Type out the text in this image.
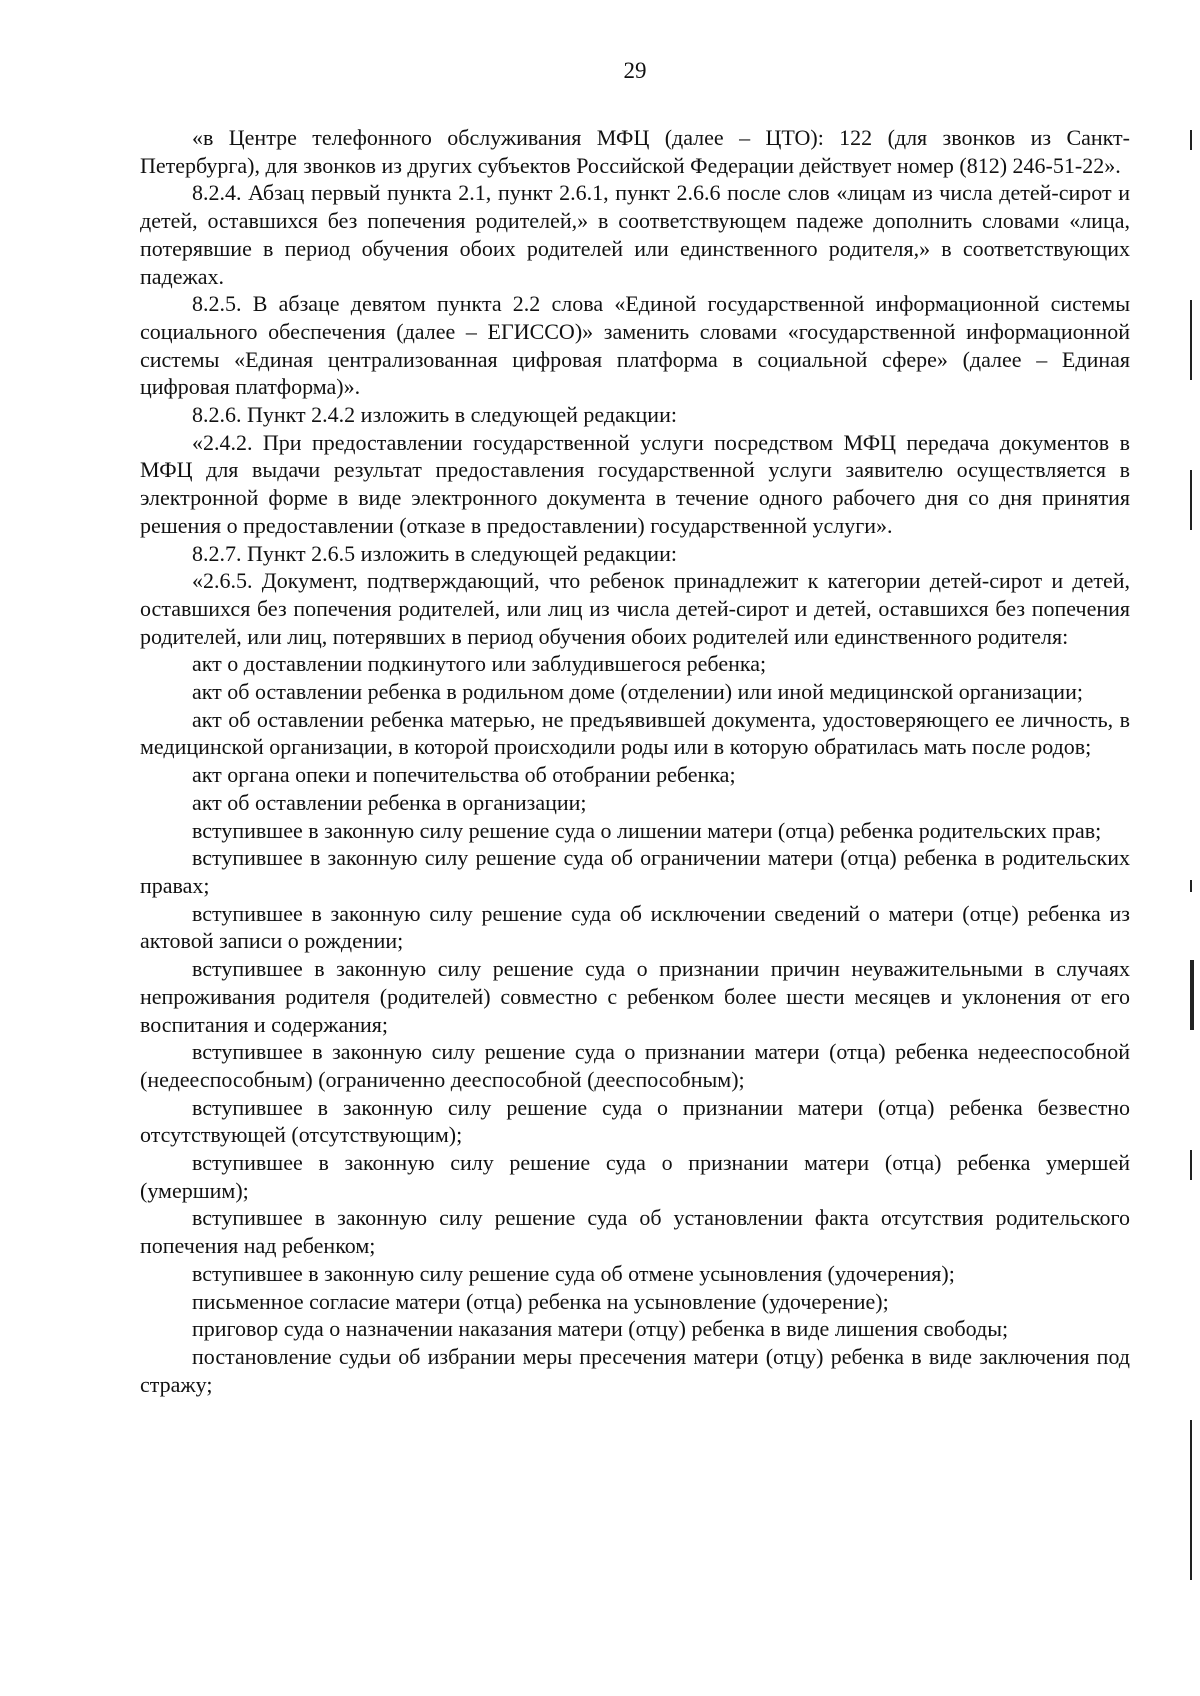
29

«в Центре телефонного обслуживания МФЦ (далее – ЦТО): 122 (для звонков из Санкт-Петербурга), для звонков из других субъектов Российской Федерации действует номер (812) 246-51-22».

8.2.4. Абзац первый пункта 2.1, пункт 2.6.1, пункт 2.6.6 после слов «лицам из числа детей-сирот и детей, оставшихся без попечения родителей,» в соответствующем падеже дополнить словами «лица, потерявшие в период обучения обоих родителей или единственного родителя,» в соответствующих падежах.

8.2.5. В абзаце девятом пункта 2.2 слова «Единой государственной информационной системы социального обеспечения (далее – ЕГИССО)» заменить словами «государственной информационной системы «Единая централизованная цифровая платформа в социальной сфере» (далее – Единая цифровая платформа)».

8.2.6. Пункт 2.4.2 изложить в следующей редакции:

«2.4.2. При предоставлении государственной услуги посредством МФЦ передача документов в МФЦ для выдачи результат предоставления государственной услуги заявителю осуществляется в электронной форме в виде электронного документа в течение одного рабочего дня со дня принятия решения о предоставлении (отказе в предоставлении) государственной услуги».

8.2.7. Пункт 2.6.5 изложить в следующей редакции:

«2.6.5. Документ, подтверждающий, что ребенок принадлежит к категории детей-сирот и детей, оставшихся без попечения родителей, или лиц из числа детей-сирот и детей, оставшихся без попечения родителей, или лиц, потерявших в период обучения обоих родителей или единственного родителя:

акт о доставлении подкинутого или заблудившегося ребенка;

акт об оставлении ребенка в родильном доме (отделении) или иной медицинской организации;

акт об оставлении ребенка матерью, не предъявившей документа, удостоверяющего ее личность, в медицинской организации, в которой происходили роды или в которую обратилась мать после родов;

акт органа опеки и попечительства об отобрании ребенка;

акт об оставлении ребенка в организации;

вступившее в законную силу решение суда о лишении матери (отца) ребенка родительских прав;

вступившее в законную силу решение суда об ограничении матери (отца) ребенка в родительских правах;

вступившее в законную силу решение суда об исключении сведений о матери (отце) ребенка из актовой записи о рождении;

вступившее в законную силу решение суда о признании причин неуважительными в случаях непроживания родителя (родителей) совместно с ребенком более шести месяцев и уклонения от его воспитания и содержания;

вступившее в законную силу решение суда о признании матери (отца) ребенка недееспособной (недееспособным) (ограниченно дееспособной (дееспособным);

вступившее в законную силу решение суда о признании матери (отца) ребенка безвестно отсутствующей (отсутствующим);

вступившее в законную силу решение суда о признании матери (отца) ребенка умершей (умершим);

вступившее в законную силу решение суда об установлении факта отсутствия родительского попечения над ребенком;

вступившее в законную силу решение суда об отмене усыновления (удочерения);

письменное согласие матери (отца) ребенка на усыновление (удочерение);

приговор суда о назначении наказания матери (отцу) ребенка в виде лишения свободы;

постановление судьи об избрании меры пресечения матери (отцу) ребенка в виде заключения под стражу;
